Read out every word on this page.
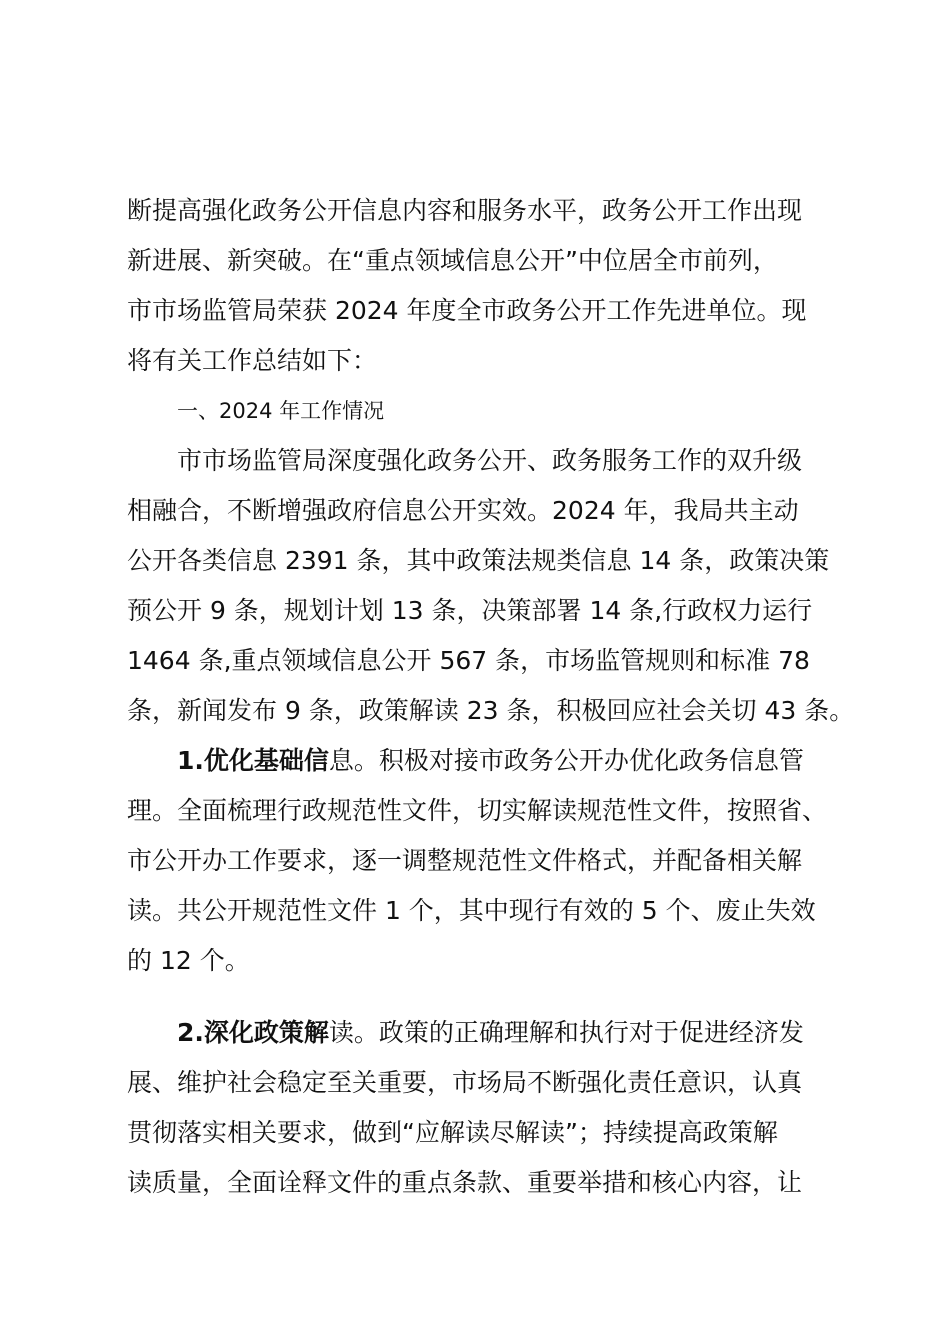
断提高强化政务公开信息内容和服务水平，政务公开工作出现
新进展、新突破。在“重点领域信息公开”中位居全市前列，
市市场监管局荣获 2024 年度全市政务公开工作先进单位。现
将有关工作总结如下：
一、2024 年工作情况
市市场监管局深度强化政务公开、政务服务工作的双升级
相融合，不断增强政府信息公开实效。2024 年，我局共主动
公开各类信息 2391 条，其中政策法规类信息 14 条，政策决策
预公开 9 条，规划计划 13 条，决策部署 14 条,行政权力运行
1464 条,重点领域信息公开 567 条，市场监管规则和标准 78
条，新闻发布 9 条，政策解读 23 条，积极回应社会关切 43 条。
1.优化基础信息。积极对接市政务公开办优化政务信息管
理。全面梳理行政规范性文件，切实解读规范性文件，按照省、
市公开办工作要求，逐一调整规范性文件格式，并配备相关解
读。共公开规范性文件 1 个，其中现行有效的 5 个、废止失效
的 12 个。
2.深化政策解读。政策的正确理解和执行对于促进经济发
展、维护社会稳定至关重要，市场局不断强化责任意识，认真
贯彻落实相关要求，做到“应解读尽解读”；持续提高政策解
读质量，全面诠释文件的重点条款、重要举措和核心内容，让
